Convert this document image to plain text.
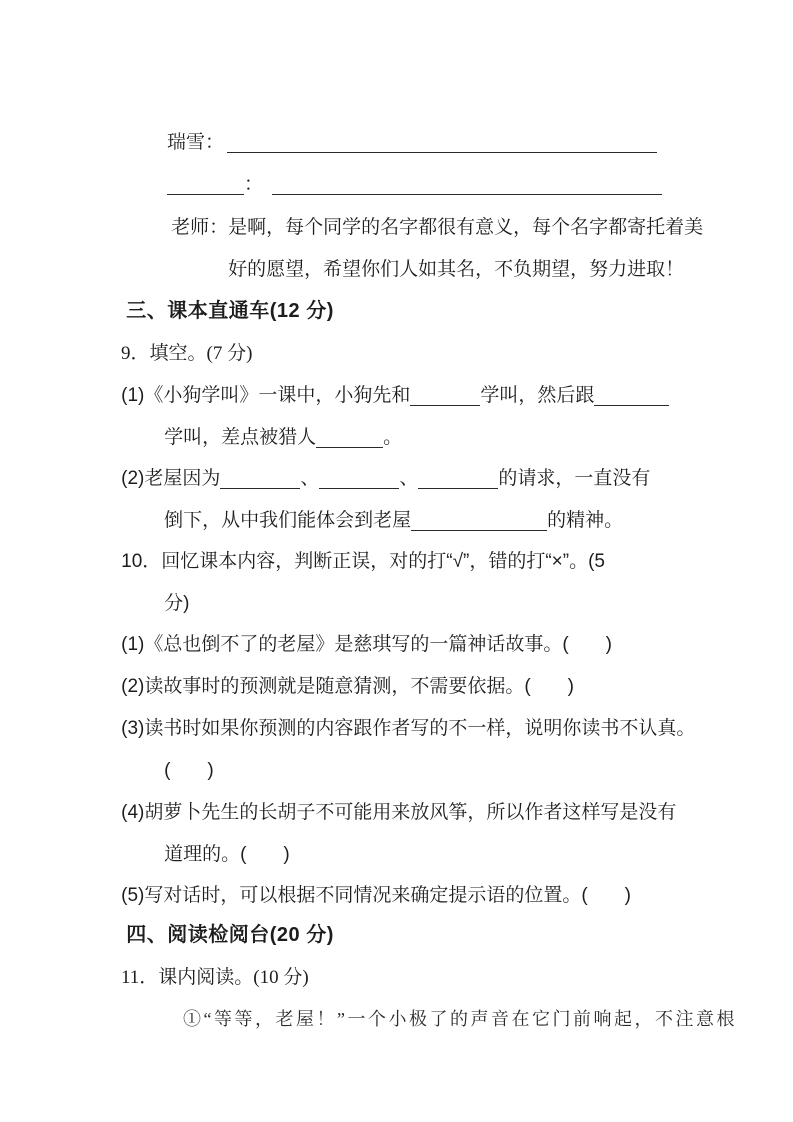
瑞雪：

：

老师：是啊，每个同学的名字都很有意义，每个名字都寄托着美

好的愿望，希望你们人如其名，不负期望，努力进取！

三、课本直通车(12 分)

9．填空。(7 分)

(1)《小狗学叫》一课中，小狗先和	学叫，然后跟

学叫，差点被猎人	。

(2)老屋因为	、	、	的请求，一直没有

倒下，从中我们能体会到老屋	的精神。

10．回忆课本内容，判断正误，对的打“√”，错的打“×”。(5

分)

(1)《总也倒不了的老屋》是慈琪写的一篇神话故事。(       )

(2)读故事时的预测就是随意猜测，不需要依据。(       )

(3)读书时如果你预测的内容跟作者写的不一样，说明你读书不认真。

(       )

(4)胡萝卜先生的长胡子不可能用来放风筝，所以作者这样写是没有

道理的。(       )

(5)写对话时，可以根据不同情况来确定提示语的位置。(       )

四、阅读检阅台(20 分)

11．课内阅读。(10 分)

①“等等，老屋！”一个小极了的声音在它门前响起，不注意根
